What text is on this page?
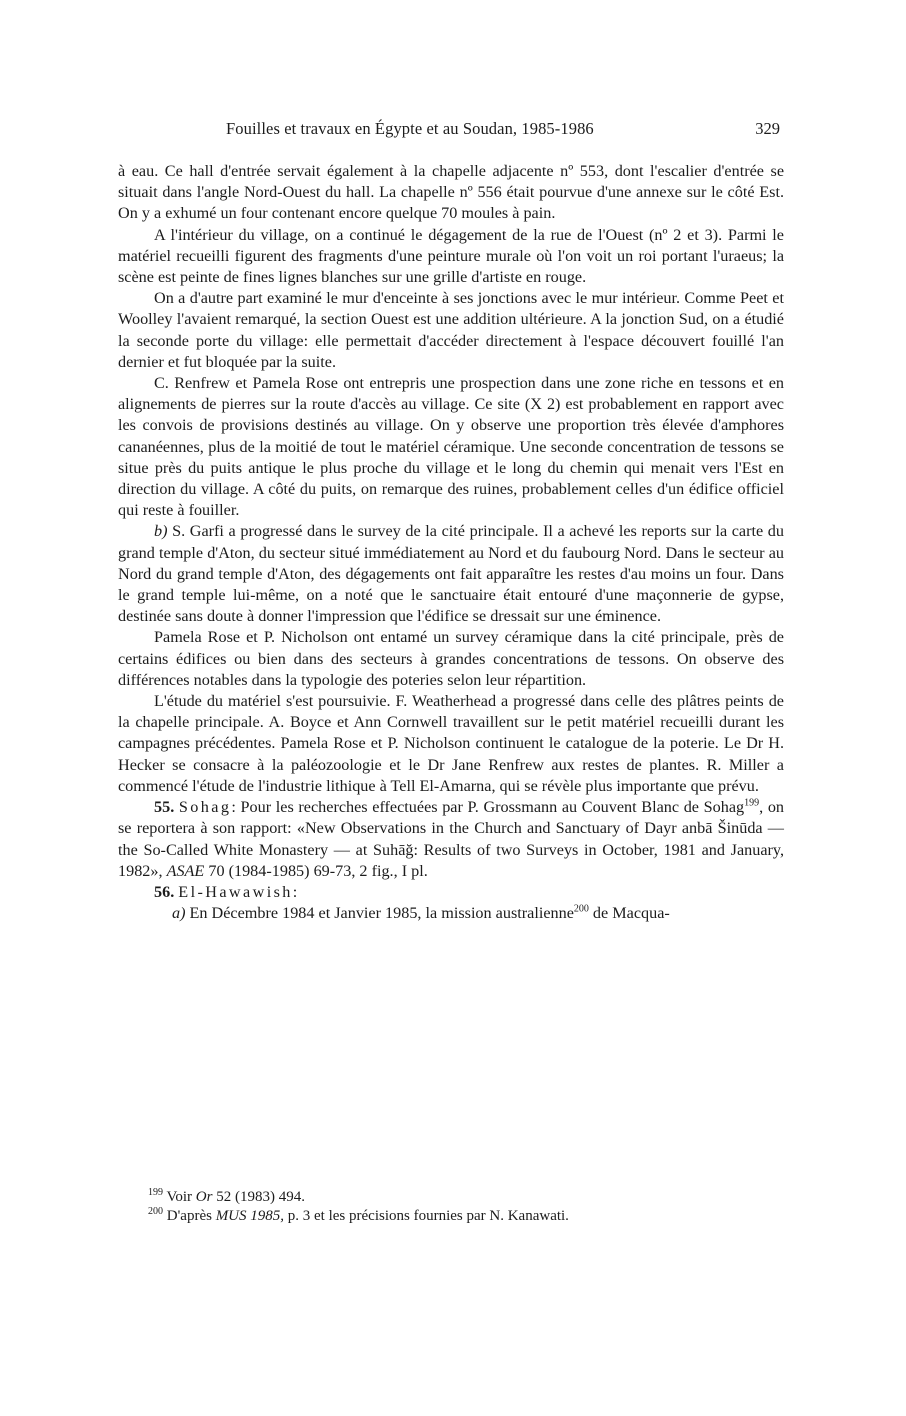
Fouilles et travaux en Égypte et au Soudan, 1985-1986	329

à eau. Ce hall d'entrée servait également à la chapelle adjacente nº 553, dont l'escalier d'entrée se situait dans l'angle Nord-Ouest du hall. La chapelle nº 556 était pourvue d'une annexe sur le côté Est. On y a exhumé un four contenant encore quelque 70 moules à pain.

A l'intérieur du village, on a continué le dégagement de la rue de l'Ouest (nº 2 et 3). Parmi le matériel recueilli figurent des fragments d'une peinture murale où l'on voit un roi portant l'uraeus; la scène est peinte de fines lignes blanches sur une grille d'artiste en rouge.

On a d'autre part examiné le mur d'enceinte à ses jonctions avec le mur intérieur. Comme Peet et Woolley l'avaient remarqué, la section Ouest est une addition ultérieure. A la jonction Sud, on a étudié la seconde porte du village: elle permettait d'accéder directement à l'espace découvert fouillé l'an dernier et fut bloquée par la suite.

C. Renfrew et Pamela Rose ont entrepris une prospection dans une zone riche en tessons et en alignements de pierres sur la route d'accès au village. Ce site (X 2) est probablement en rapport avec les convois de provisions destinés au village. On y observe une proportion très élevée d'amphores cananéennes, plus de la moitié de tout le matériel céramique. Une seconde concentration de tessons se situe près du puits antique le plus proche du village et le long du chemin qui menait vers l'Est en direction du village. A côté du puits, on remarque des ruines, probablement celles d'un édifice officiel qui reste à fouiller.

b) S. Garfi a progressé dans le survey de la cité principale. Il a achevé les reports sur la carte du grand temple d'Aton, du secteur situé immédiatement au Nord et du faubourg Nord. Dans le secteur au Nord du grand temple d'Aton, des dégagements ont fait apparaître les restes d'au moins un four. Dans le grand temple lui-même, on a noté que le sanctuaire était entouré d'une maçonnerie de gypse, destinée sans doute à donner l'impression que l'édifice se dressait sur une éminence.

Pamela Rose et P. Nicholson ont entamé un survey céramique dans la cité principale, près de certains édifices ou bien dans des secteurs à grandes concentrations de tessons. On observe des différences notables dans la typologie des poteries selon leur répartition.

L'étude du matériel s'est poursuivie. F. Weatherhead a progressé dans celle des plâtres peints de la chapelle principale. A. Boyce et Ann Cornwell travaillent sur le petit matériel recueilli durant les campagnes précédentes. Pamela Rose et P. Nicholson continuent le catalogue de la poterie. Le Dr H. Hecker se consacre à la paléozoologie et le Dr Jane Renfrew aux restes de plantes. R. Miller a commencé l'étude de l'industrie lithique à Tell El-Amarna, qui se révèle plus importante que prévu.

55. Sohag: Pour les recherches effectuées par P. Grossmann au Couvent Blanc de Sohag$^{199}$, on se reportera à son rapport: «New Observations in the Church and Sanctuary of Dayr anbā Šinūda — the So-Called White Monastery — at Suhāğ: Results of two Surveys in October, 1981 and January, 1982», ASAE 70 (1984-1985) 69-73, 2 fig., I pl.

56. El-Hawawish:

a) En Décembre 1984 et Janvier 1985, la mission australienne$^{200}$ de Macqua-

$^{199}$ Voir Or 52 (1983) 494.

$^{200}$ D'après MUS 1985, p. 3 et les précisions fournies par N. Kanawati.
